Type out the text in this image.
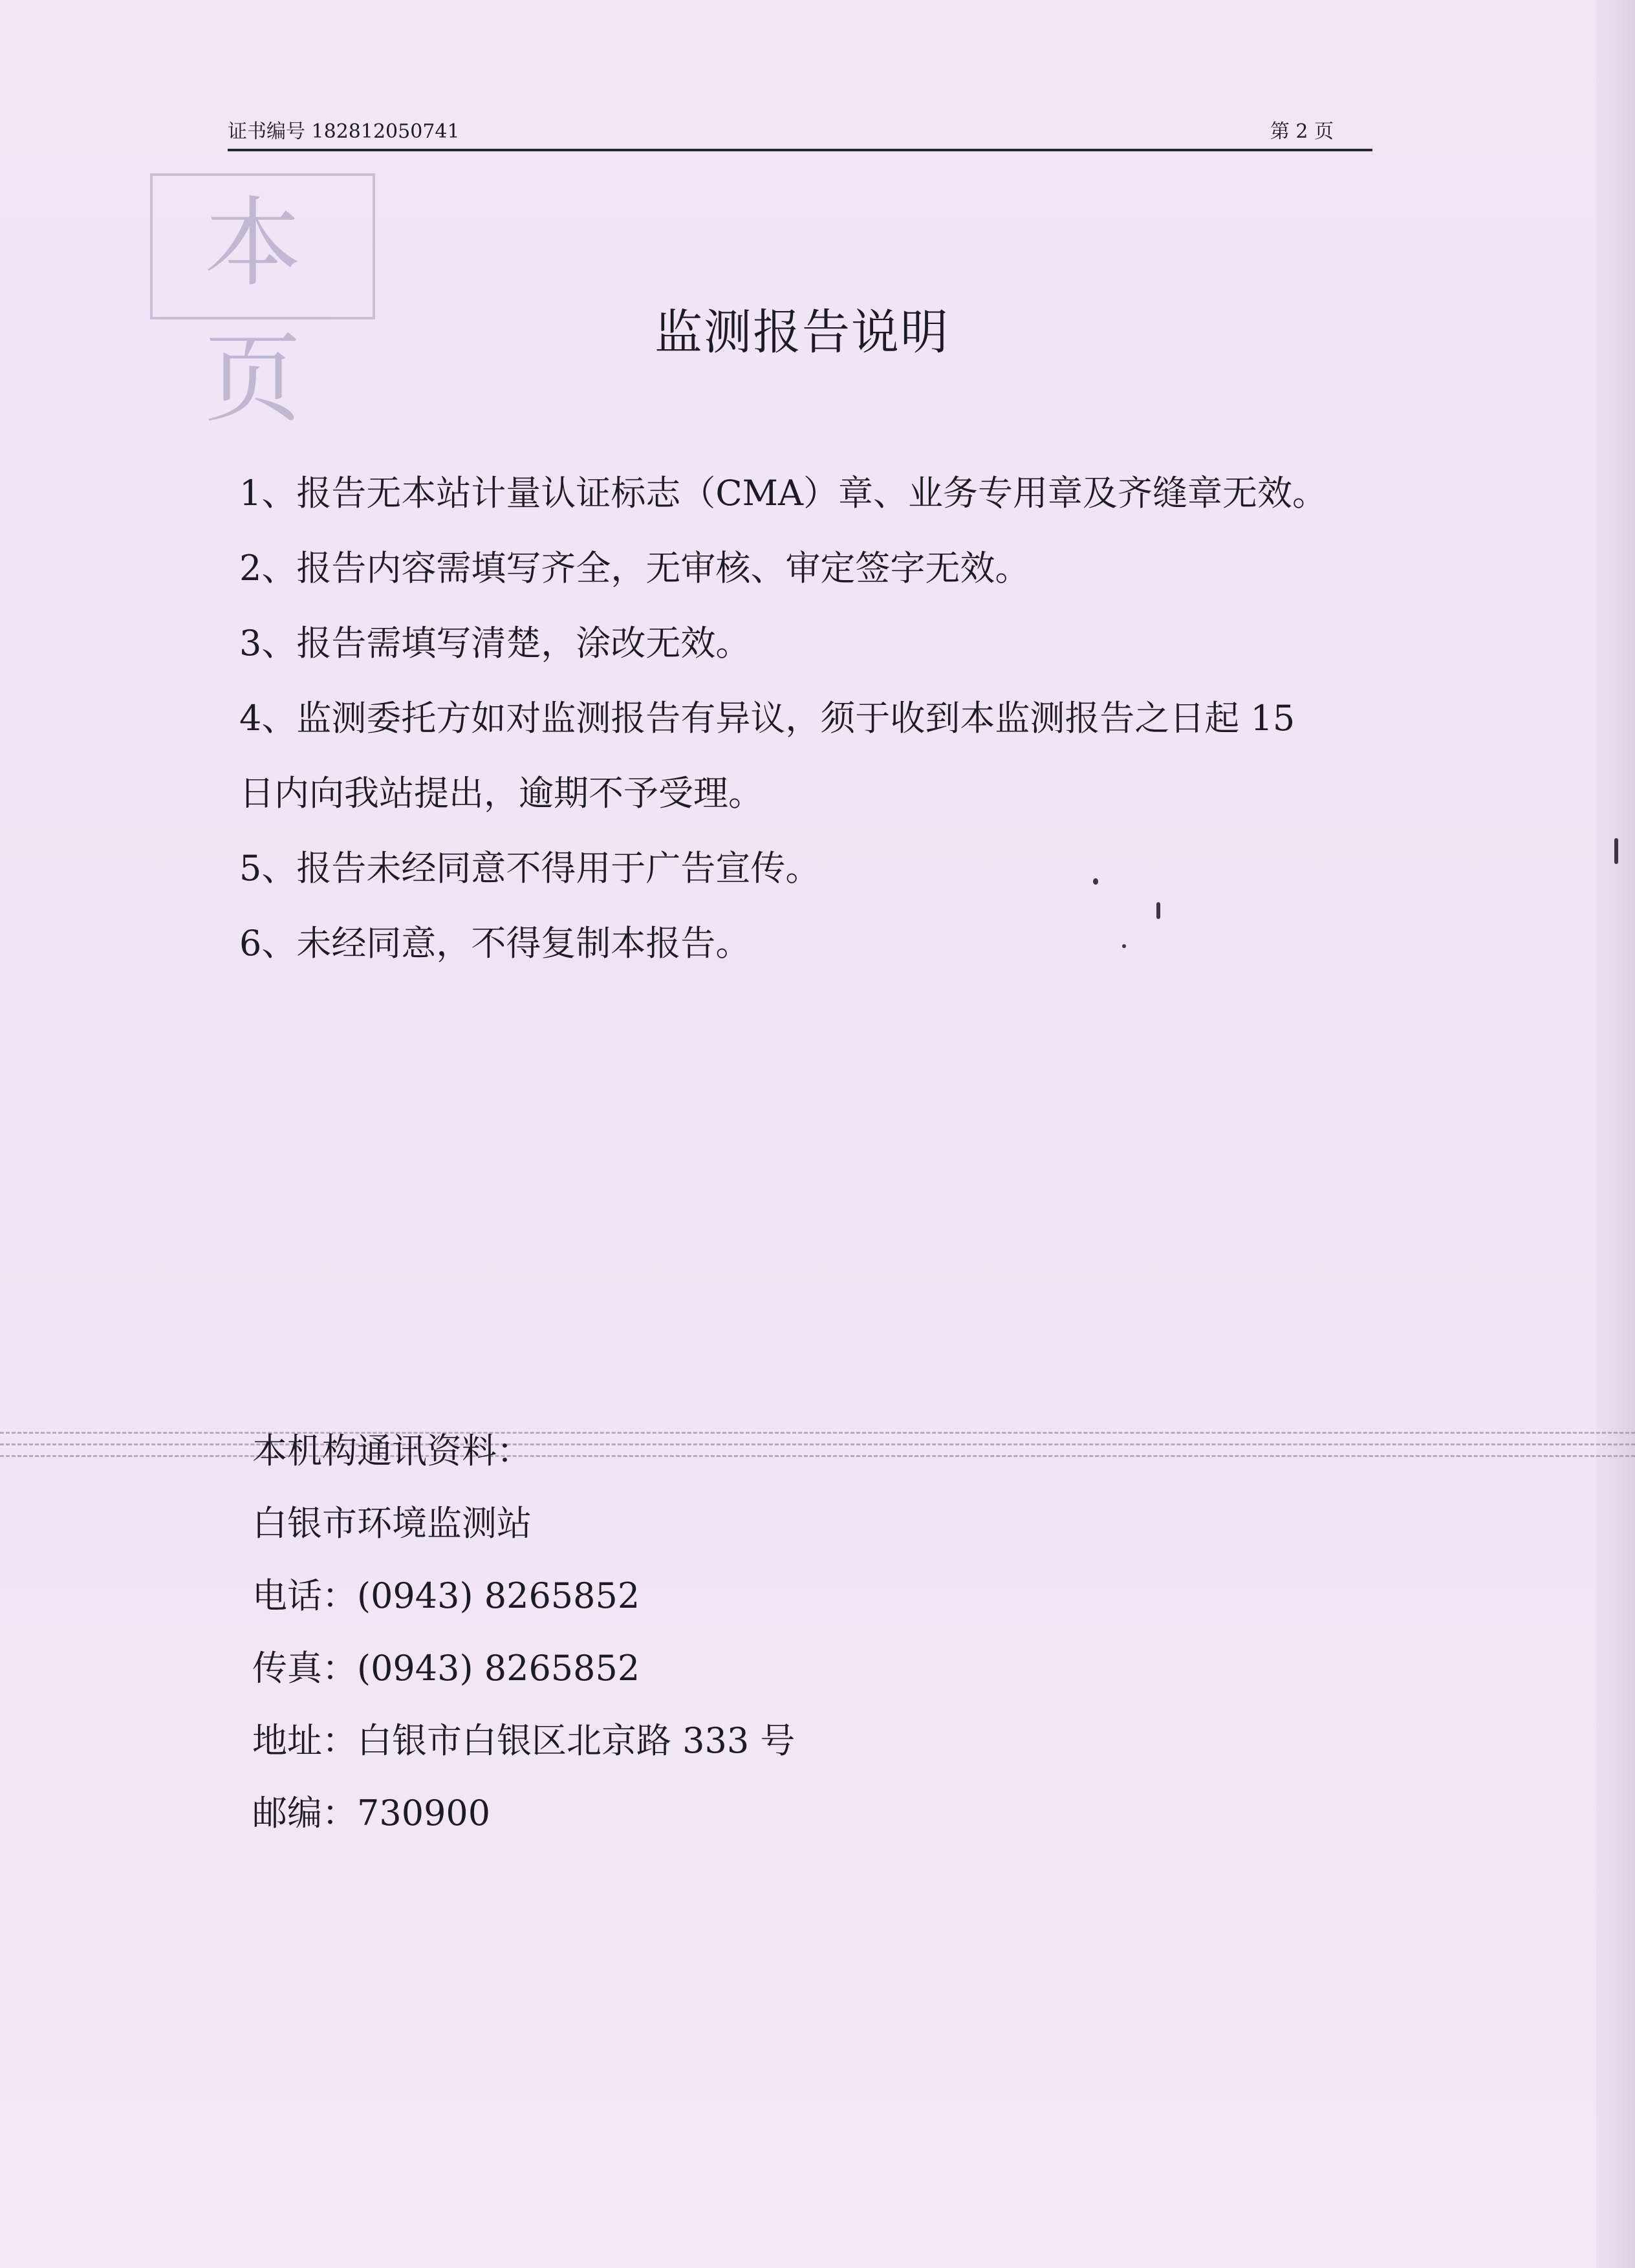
证书编号 182812050741	第 2 页
本页	监测报告说明
1、报告无本站计量认证标志（CMA）章、业务专用章及齐缝章无效。
2、报告内容需填写齐全，无审核、审定签字无效。
3、报告需填写清楚，涂改无效。
4、监测委托方如对监测报告有异议，须于收到本监测报告之日起 15
日内向我站提出，逾期不予受理。
5、报告未经同意不得用于广告宣传。
6、未经同意，不得复制本报告。
本机构通讯资料：
白银市环境监测站
电话：(0943) 8265852
传真：(0943) 8265852
地址：白银市白银区北京路 333 号
邮编：730900
